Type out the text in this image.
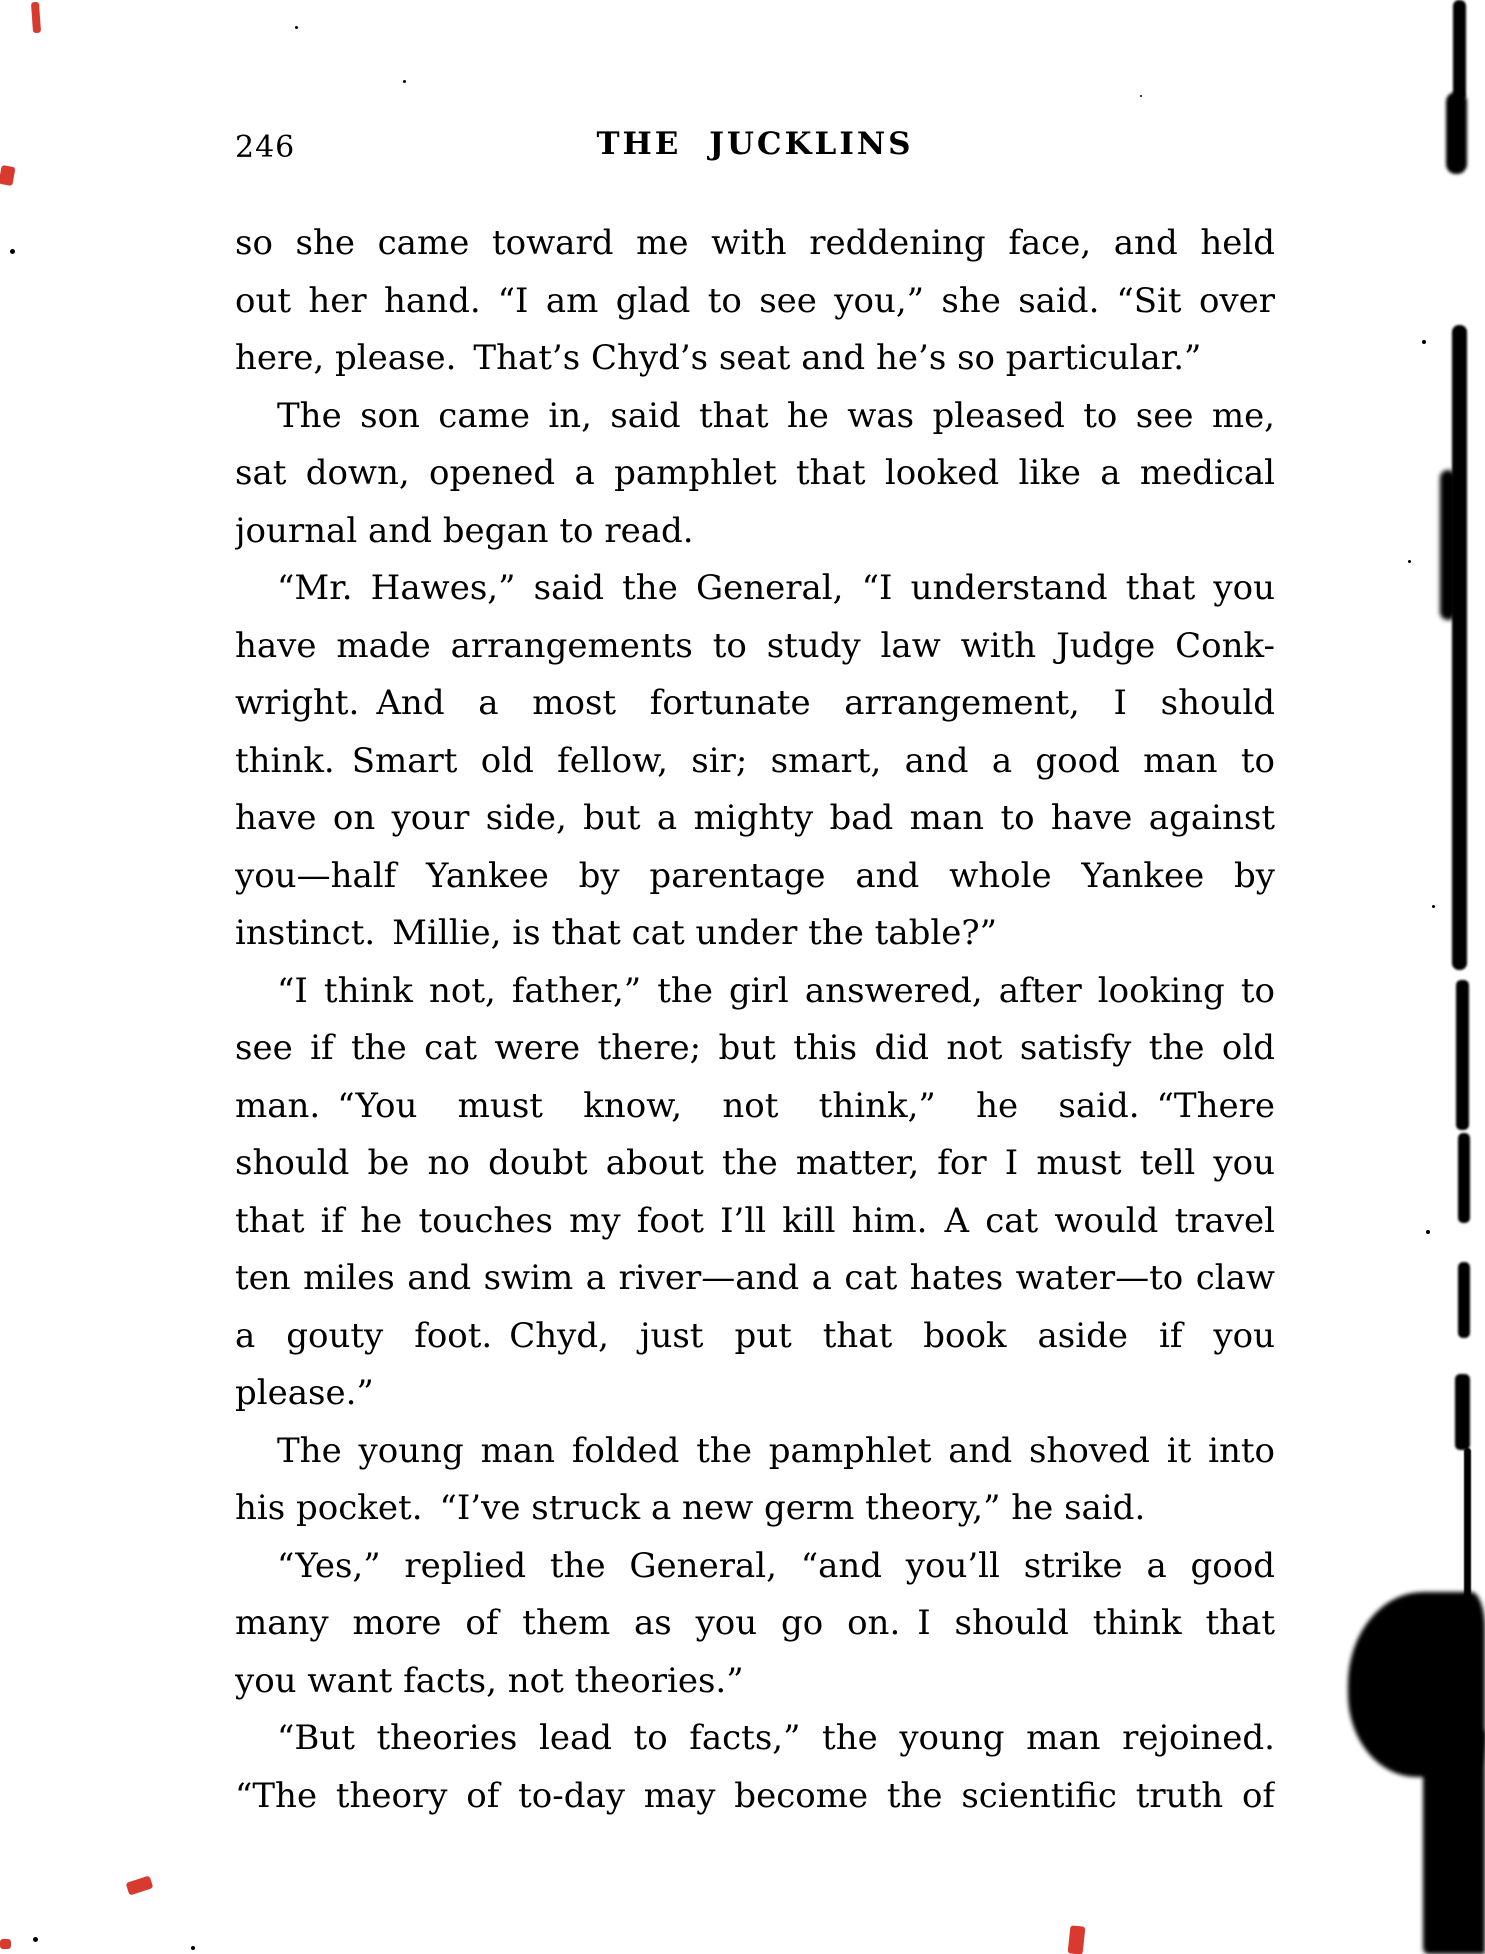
246	THE JUCKLINS
so she came toward me with reddening face, and held
out her hand. “I am glad to see you,” she said. “Sit over
here, please. That’s Chyd’s seat and he’s so particular.”
The son came in, said that he was pleased to see me,
sat down, opened a pamphlet that looked like a medical
journal and began to read.
“Mr. Hawes,” said the General, “I understand that you
have made arrangements to study law with Judge Conk-
wright. And a most fortunate arrangement, I should
think. Smart old fellow, sir; smart, and a good man to
have on your side, but a mighty bad man to have against
you—half Yankee by parentage and whole Yankee by
instinct. Millie, is that cat under the table?”
“I think not, father,” the girl answered, after looking to
see if the cat were there; but this did not satisfy the old
man. “You must know, not think,” he said. “There
should be no doubt about the matter, for I must tell you
that if he touches my foot I’ll kill him. A cat would travel
ten miles and swim a river—and a cat hates water—to claw
a gouty foot. Chyd, just put that book aside if you
please.”
The young man folded the pamphlet and shoved it into
his pocket. “I’ve struck a new germ theory,” he said.
“Yes,” replied the General, “and you’ll strike a good
many more of them as you go on. I should think that
you want facts, not theories.”
“But theories lead to facts,” the young man rejoined.
“The theory of to-day may become the scientific truth of
